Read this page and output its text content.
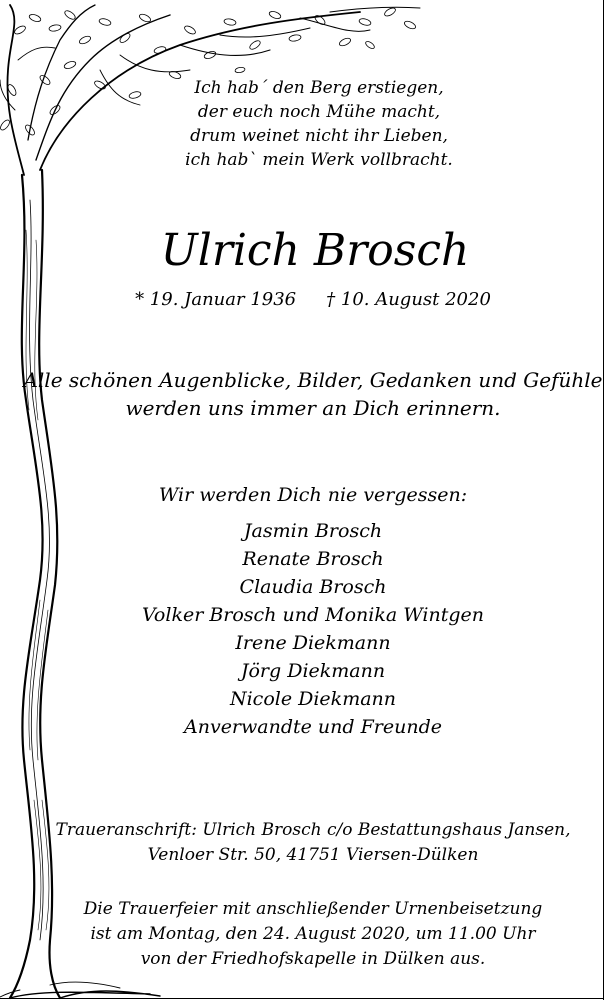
Ich hab´ den Berg erstiegen,
der euch noch Mühe macht,
drum weinet nicht ihr Lieben,
ich hab` mein Werk vollbracht.
Ulrich Brosch
* 19. Januar 1936 † 10. August 2020
Alle schönen Augenblicke, Bilder, Gedanken und Gefühle
werden uns immer an Dich erinnern.
Wir werden Dich nie vergessen:
Jasmin Brosch
Renate Brosch
Claudia Brosch
Volker Brosch und Monika Wintgen
Irene Diekmann
Jörg Diekmann
Nicole Diekmann
Anverwandte und Freunde
Traueranschrift: Ulrich Brosch c/o Bestattungshaus Jansen,
Venloer Str. 50, 41751 Viersen-Dülken
Die Trauerfeier mit anschließender Urnenbeisetzung
ist am Montag, den 24. August 2020, um 11.00 Uhr
von der Friedhofskapelle in Dülken aus.
